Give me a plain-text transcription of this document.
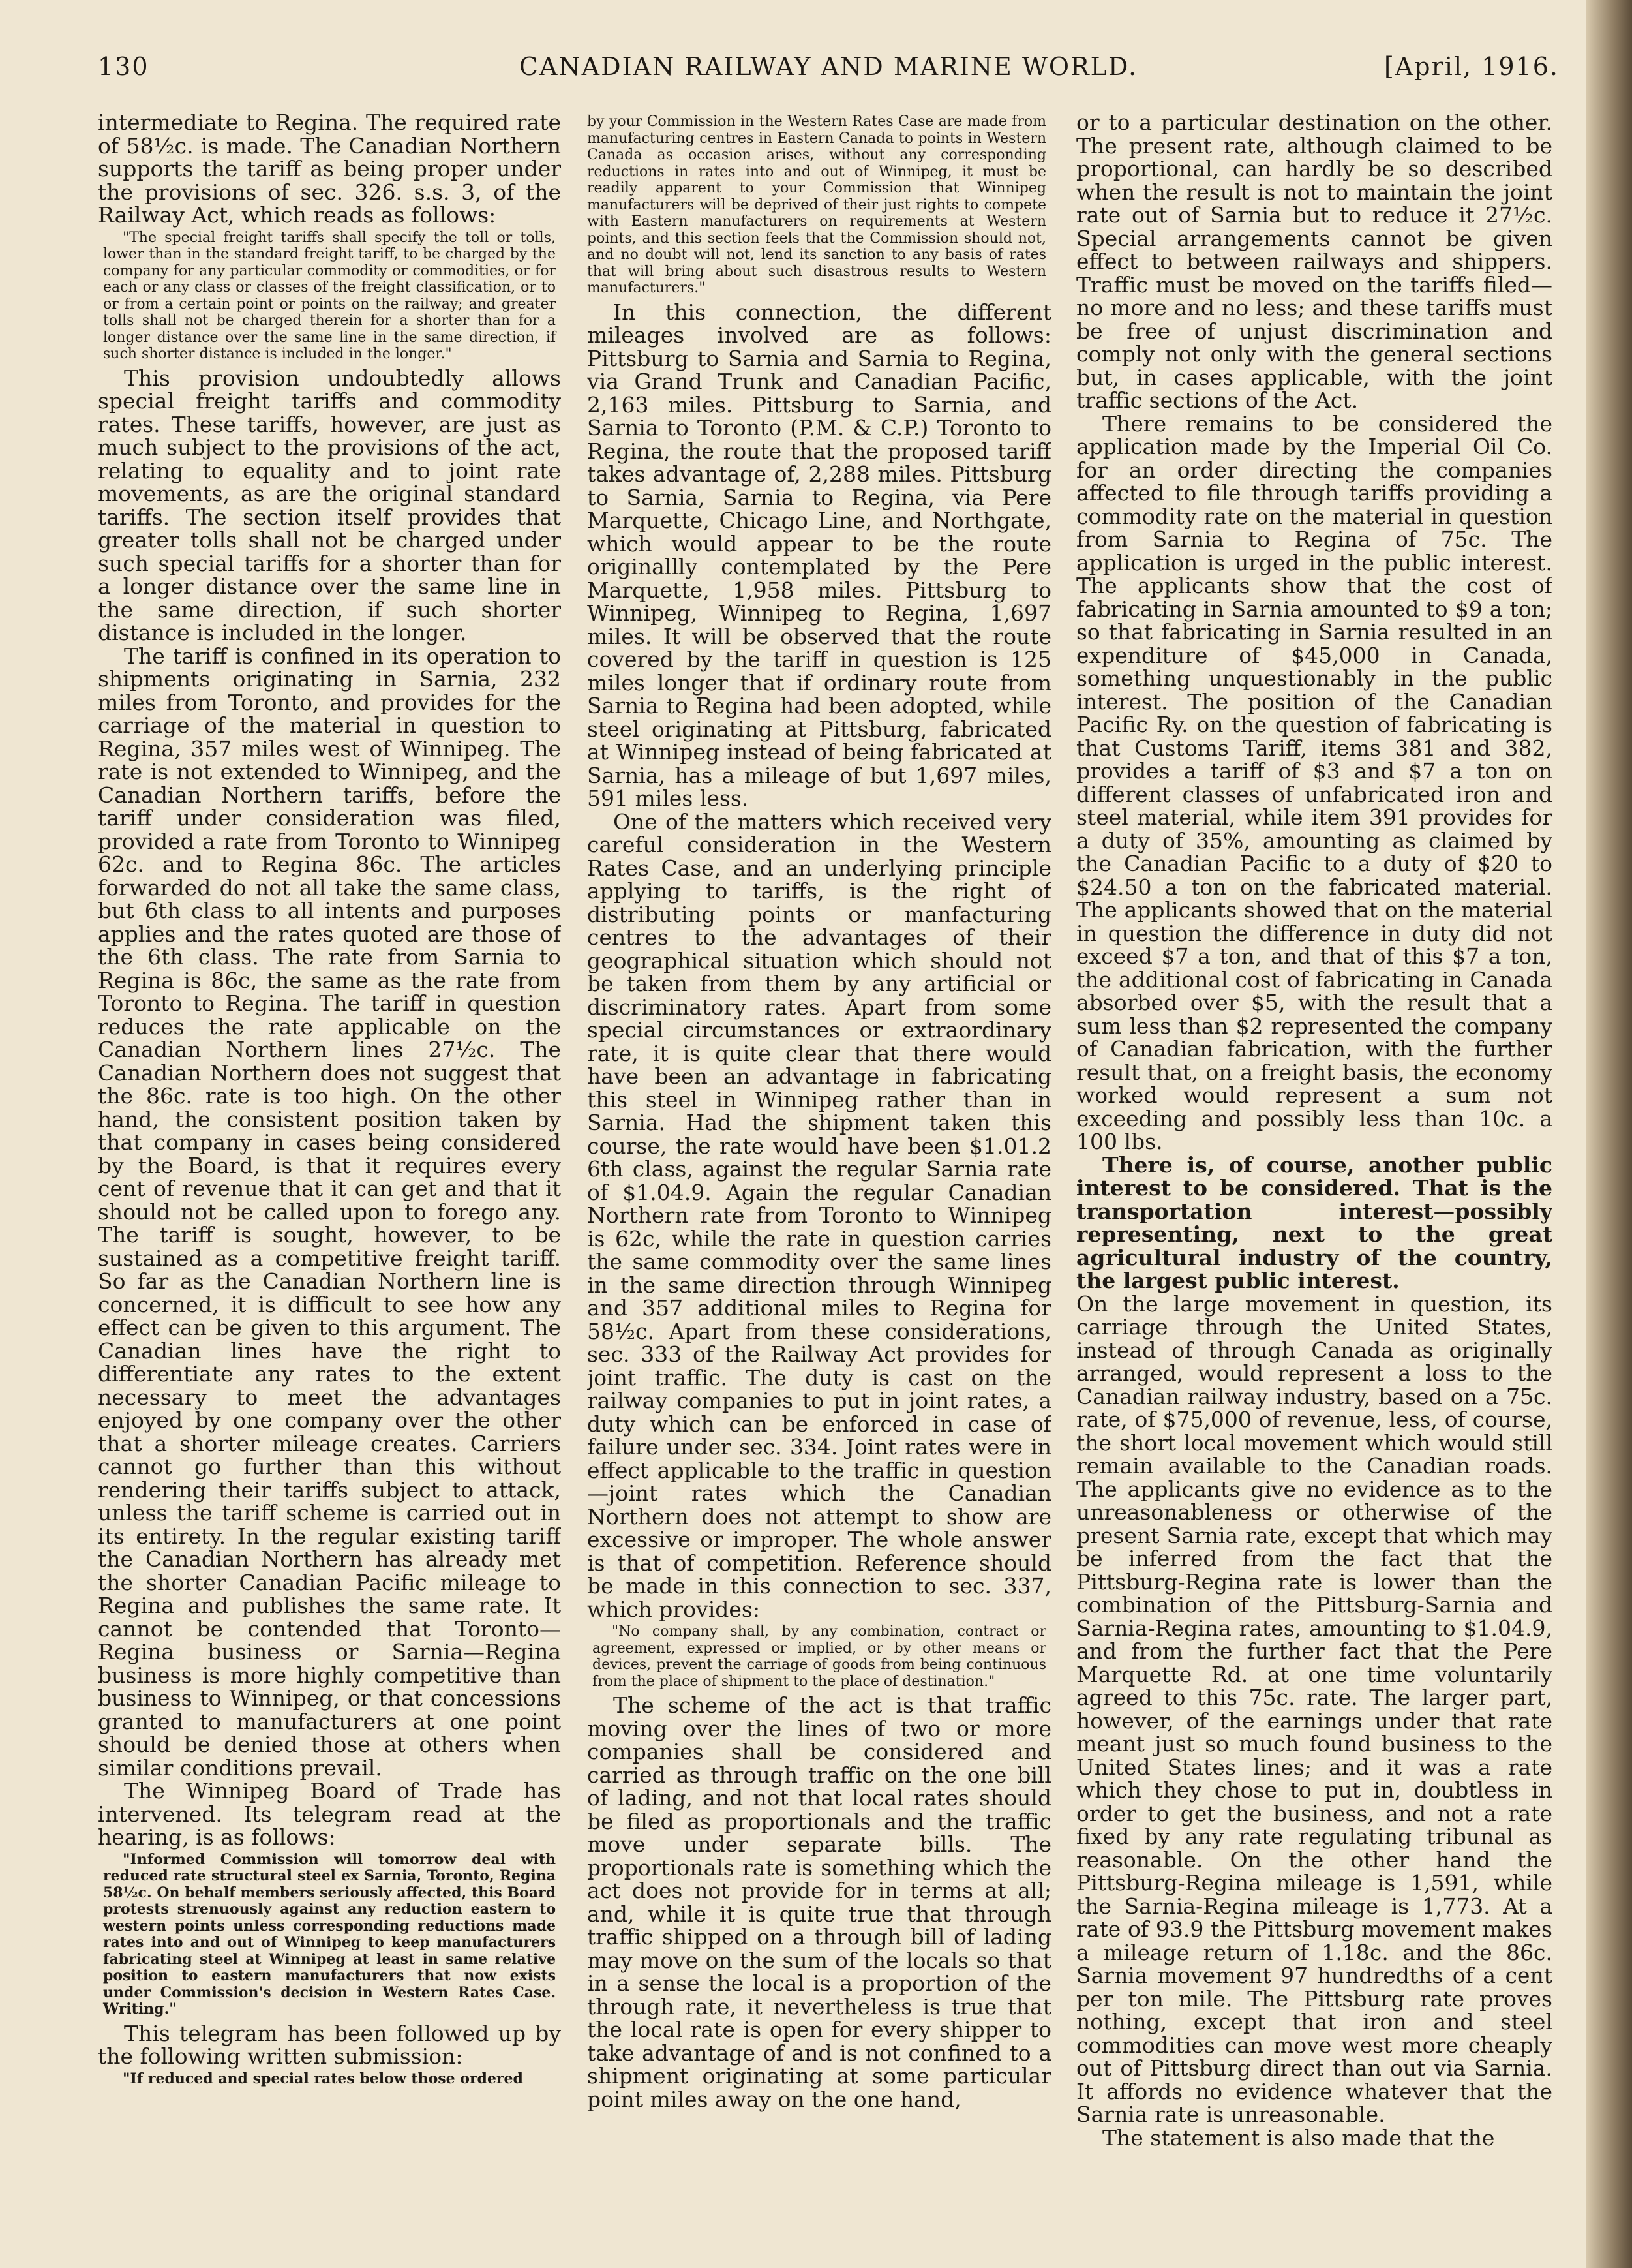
130	CANADIAN RAILWAY AND MARINE WORLD.	[April, 1916.

intermediate to Regina. The required rate of 58½c. is made. The Canadian Northern supports the tariff as being proper under the provisions of sec. 326. s.s. 3, of the Railway Act, which reads as follows:

"The special freight tariffs shall specify the toll or tolls, lower than in the standard freight tariff, to be charged by the company for any particular commodity or commodities, or for each or any class or classes of the freight classification, or to or from a certain point or points on the railway; and greater tolls shall not be charged therein for a shorter than for a longer distance over the same line in the same direction, if such shorter distance is included in the longer."

This provision undoubtedly allows special freight tariffs and commodity rates. These tariffs, however, are just as much subject to the provisions of the act, relating to equality and to joint rate movements, as are the original standard tariffs. The section itself provides that greater tolls shall not be charged under such special tariffs for a shorter than for a longer distance over the same line in the same direction, if such shorter distance is included in the longer.

The tariff is confined in its operation to shipments originating in Sarnia, 232 miles from Toronto, and provides for the carriage of the material in question to Regina, 357 miles west of Winnipeg. The rate is not extended to Winnipeg, and the Canadian Northern tariffs, before the tariff under consideration was filed, provided a rate from Toronto to Winnipeg 62c. and to Regina 86c. The articles forwarded do not all take the same class, but 6th class to all intents and purposes applies and the rates quoted are those of the 6th class. The rate from Sarnia to Regina is 86c, the same as the rate from Toronto to Regina. The tariff in question reduces the rate applicable on the Canadian Northern lines 27½c. The Canadian Northern does not suggest that the 86c. rate is too high. On the other hand, the consistent position taken by that company in cases being considered by the Board, is that it requires every cent of revenue that it can get and that it should not be called upon to forego any. The tariff is sought, however, to be sustained as a competitive freight tariff. So far as the Canadian Northern line is concerned, it is difficult to see how any effect can be given to this argument. The Canadian lines have the right to differentiate any rates to the extent necessary to meet the advantages enjoyed by one company over the other that a shorter mileage creates. Carriers cannot go further than this without rendering their tariffs subject to attack, unless the tariff scheme is carried out in its entirety. In the regular existing tariff the Canadian Northern has already met the shorter Canadian Pacific mileage to Regina and publishes the same rate. It cannot be contended that Toronto—Regina business or Sarnia—Regina business is more highly competitive than business to Winnipeg, or that concessions granted to manufacturers at one point should be denied those at others when similar conditions prevail.

The Winnipeg Board of Trade has intervened. Its telegram read at the hearing, is as follows:

"Informed Commission will tomorrow deal with reduced rate structural steel ex Sarnia, Toronto, Regina 58½c. On behalf members seriously affected, this Board protests strenuously against any reduction eastern to western points unless corresponding reductions made rates into and out of Winnipeg to keep manufacturers fabricating steel at Winnipeg at least in same relative position to eastern manufacturers that now exists under Commission's decision in Western Rates Case. Writing."

This telegram has been followed up by the following written submission:

"If reduced and special rates below those ordered

by your Commission in the Western Rates Case are made from manufacturing centres in Eastern Canada to points in Western Canada as occasion arises, without any corresponding reductions in rates into and out of Winnipeg, it must be readily apparent to your Commission that Winnipeg manufacturers will be deprived of their just rights to compete with Eastern manufacturers on requirements at Western points, and this section feels that the Commission should not, and no doubt will not, lend its sanction to any basis of rates that will bring about such disastrous results to Western manufacturers."

In this connection, the different mileages involved are as follows: Pittsburg to Sarnia and Sarnia to Regina, via Grand Trunk and Canadian Pacific, 2,163 miles. Pittsburg to Sarnia, and Sarnia to Toronto (P.M. & C.P.) Toronto to Regina, the route that the proposed tariff takes advantage of, 2,288 miles. Pittsburg to Sarnia, Sarnia to Regina, via Pere Marquette, Chicago Line, and Northgate, which would appear to be the route originallly contemplated by the Pere Marquette, 1,958 miles. Pittsburg to Winnipeg, Winnipeg to Regina, 1,697 miles. It will be observed that the route covered by the tariff in question is 125 miles longer that if ordinary route from Sarnia to Regina had been adopted, while steel originating at Pittsburg, fabricated at Winnipeg instead of being fabricated at Sarnia, has a mileage of but 1,697 miles, 591 miles less.

One of the matters which received very careful consideration in the Western Rates Case, and an underlying principle applying to tariffs, is the right of distributing points or manfacturing centres to the advantages of their geographical situation which should not be taken from them by any artificial or discriminatory rates. Apart from some special circumstances or extraordinary rate, it is quite clear that there would have been an advantage in fabricating this steel in Winnipeg rather than in Sarnia. Had the shipment taken this course, the rate would have been $1.01.2 6th class, against the regular Sarnia rate of $1.04.9. Again the regular Canadian Northern rate from Toronto to Winnipeg is 62c, while the rate in question carries the same commodity over the same lines in the same direction through Winnipeg and 357 additional miles to Regina for 58½c. Apart from these considerations, sec. 333 of the Railway Act provides for joint traffic. The duty is cast on the railway companies to put in joint rates, a duty which can be enforced in case of failure under sec. 334. Joint rates were in effect applicable to the traffic in question—joint rates which the Canadian Northern does not attempt to show are excessive or improper. The whole answer is that of competition. Reference should be made in this connection to sec. 337, which provides:

"No company shall, by any combination, contract or agreement, expressed or implied, or by other means or devices, prevent the carriage of goods from being continuous from the place of shipment to the place of destination."

The scheme of the act is that traffic moving over the lines of two or more companies shall be considered and carried as through traffic on the one bill of lading, and not that local rates should be filed as proportionals and the traffic move under separate bills. The proportionals rate is something which the act does not provide for in terms at all; and, while it is quite true that through traffic shipped on a through bill of lading may move on the sum of the locals so that in a sense the local is a proportion of the through rate, it nevertheless is true that the local rate is open for every shipper to take advantage of and is not confined to a shipment originating at some particular point miles away on the one hand,

or to a particular destination on the other. The present rate, although claimed to be proportional, can hardly be so described when the result is not to maintain the joint rate out of Sarnia but to reduce it 27½c. Special arrangements cannot be given effect to between railways and shippers. Traffic must be moved on the tariffs filed—no more and no less; and these tariffs must be free of unjust discrimination and comply not only with the general sections but, in cases applicable, with the joint traffic sections of the Act.

There remains to be considered the application made by the Imperial Oil Co. for an order directing the companies affected to file through tariffs providing a commodity rate on the material in question from Sarnia to Regina of 75c. The application is urged in the public interest. The applicants show that the cost of fabricating in Sarnia amounted to $9 a ton; so that fabricating in Sarnia resulted in an expenditure of $45,000 in Canada, something unquestionably in the public interest. The position of the Canadian Pacific Ry. on the question of fabricating is that Customs Tariff, items 381 and 382, provides a tariff of $3 and $7 a ton on different classes of unfabricated iron and steel material, while item 391 provides for a duty of 35%, amounting as claimed by the Canadian Pacific to a duty of $20 to $24.50 a ton on the fabricated material. The applicants showed that on the material in question the difference in duty did not exceed $7 a ton, and that of this $7 a ton, the additional cost of fabricating in Canada absorbed over $5, with the result that a sum less than $2 represented the company of Canadian fabrication, with the further result that, on a freight basis, the economy worked would represent a sum not exceeding and possibly less than 10c. a 100 lbs.

There is, of course, another public interest to be considered. That is the transportation interest—possibly representing, next to the great agricultural industry of the country, the largest public interest.

On the large movement in question, its carriage through the United States, instead of through Canada as originally arranged, would represent a loss to the Canadian railway industry, based on a 75c. rate, of $75,000 of revenue, less, of course, the short local movement which would still remain available to the Canadian roads. The applicants give no evidence as to the unreasonableness or otherwise of the present Sarnia rate, except that which may be inferred from the fact that the Pittsburg-Regina rate is lower than the combination of the Pittsburg-Sarnia and Sarnia-Regina rates, amounting to $1.04.9, and from the further fact that the Pere Marquette Rd. at one time voluntarily agreed to this 75c. rate. The larger part, however, of the earnings under that rate meant just so much found business to the United States lines; and it was a rate which they chose to put in, doubtless in order to get the business, and not a rate fixed by any rate regulating tribunal as reasonable. On the other hand the Pittsburg-Regina mileage is 1,591, while the Sarnia-Regina mileage is 1,773. At a rate of 93.9 the Pittsburg movement makes a mileage return of 1.18c. and the 86c. Sarnia movement 97 hundredths of a cent per ton mile. The Pittsburg rate proves nothing, except that iron and steel commodities can move west more cheaply out of Pittsburg direct than out via Sarnia. It affords no evidence whatever that the Sarnia rate is unreasonable.

The statement is also made that the
